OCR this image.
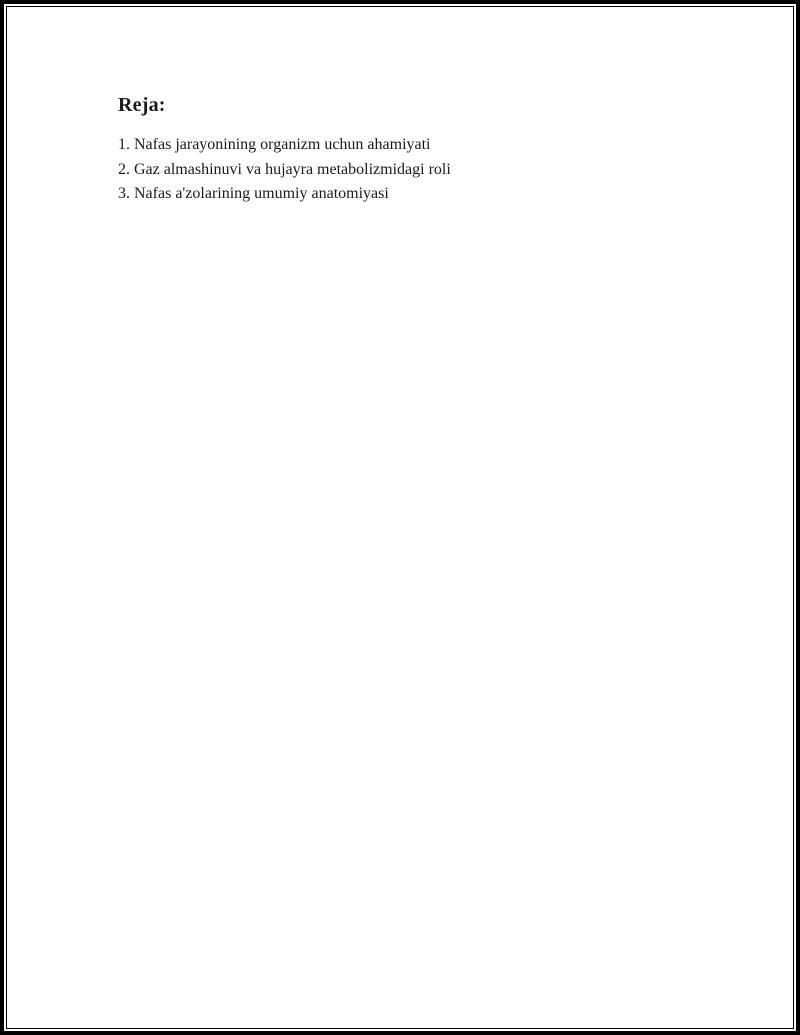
Reja:
1. Nafas jarayonining organizm uchun ahamiyati
2. Gaz almashinuvi va hujayra metabolizmidagi roli
3. Nafas a'zolarining umumiy anatomiyasi
